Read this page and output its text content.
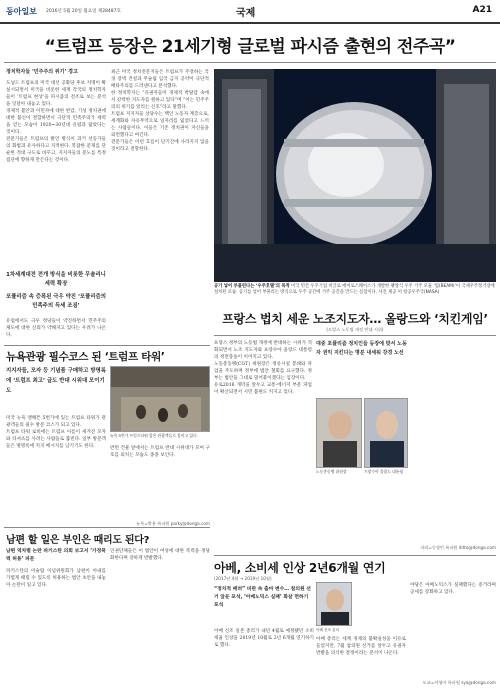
동아일보 2016년 5월 20일 월요일 제28487호	국제	A21
“트럼프 등장은 21세기형 글로벌 파시즘 출현의 전주곡”
정치학자들 ‘민주주의 위기’ 경고

도널드 트럼프의 미국 대선 공화당 후보 지명이 확실시되면서 미국을 비롯한 세계 각국의 정치학자들이 ‘트럼프 현상’을 파시즘의 전조로 보는 분석을 잇달아 내놓고 있다.

경제적 불안과 이민자에 대한 반감, 기성 정치권에 대한 불신이 결합하면서 극단적 민족주의가 세력을 얻는 모습이 1920~30년대 유럽과 닮았다는 것이다.

전문가들은 트럼프의 발언 방식이 과거 선동가들의 화법과 유사하다고 지적한다. 복잡한 문제를 단순한 적대 구도로 바꾸고, 지지자들의 분노를 특정 집단에 향하게 만든다는 것이다.

1차세계대전 전개 방식을 비롯한 무솔리니 세력 확장
포퓰리즘 속 증폭된 극우 약진 ‘포퓰리즘의 민족주의 득세 조짐’

유럽에서도 극우 정당들이 약진하면서 민주주의 제도에 대한 신뢰가 약해지고 있다는 우려가 나온다.

최근 미국 정치전문지들은 트럼프가 주장하는 국경 장벽 건설과 무슬림 입국 금지 공약이 극단적 배타주의를 드러낸다고 분석했다.

한 정치학자는 “유권자들이 경제적 박탈감 속에서 강력한 지도자를 원하고 있다”며 “이는 민주주의의 위기를 알리는 신호”라고 말했다.

트럼프 지지자들 상당수는 백인 노동자 계층으로, 세계화와 자유무역으로 일자리를 잃었다고 느끼는 사람들이다. 이들은 기존 정치권이 자신들을 외면했다고 여긴다.

전문가들은 이런 흐름이 단기간에 사라지지 않을 것이라고 전망한다.

공기 넣어 부풀린다는 ‘우주호텔’의 목적 미국 민간 우주기업 비글로 에어로스페이스가 개발한 팽창식 우주 거주 모듈 ‘빔(BEAM)’이 국제우주정거장에 설치된 모습. 공기를 넣어 부풀리는 방식으로 우주 공간에 거주 공간을 만드는 실험이다. 사진 제공 미 항공우주국(NASA)
프랑스 법치 세운 노조지도자… 올랑드와 ‘치킨게임’
(프랑스 노동법 개정 반대 시위)

프랑스 정부의 노동법 개정에 반대하는 시위가 격화되면서 노조 지도자와 프랑수아 올랑드 대통령의 정면충돌이 이어지고 있다.

노동총동맹(CGT) 위원장은 정유시설 봉쇄와 파업을 주도하며 정부에 법안 철회를 요구했다. 정부는 법안을 그대로 밀어붙이겠다는 입장이다.

유로2016 개막을 앞두고 교통·에너지 부문 파업이 확산되면서 시민 불편도 커지고 있다.

대중 포퓰리즘 정치인들 등장에 맞서 노동자 권익 지킨다는 명분 내세워 강경 노선
노동총동맹 위원장	프랑수아 올랑드 대통령
파리=동정민 특파원 ditto@donga.com
뉴욕관광 필수코스 된 ‘트럼프 타워’
지지자들, 모자 등 기념품 구매하고 방명록에 ‘트럼프 최고’ 글도 반대 시위대 모이기도
뉴욕 5번가 트럼프타워 앞은 관광객들로 붐비고 있다.

미국 뉴욕 맨해튼 5번가에 있는 트럼프 타워가 관광객들의 필수 방문 코스가 되고 있다.

트럼프 타워 로비에는 트럼프 이름이 새겨진 모자와 티셔츠를 사려는 사람들로 붐빈다. 일부 방문객들은 방명록에 지지 메시지를 남기기도 한다.	반면 건물 앞에서는 트럼프 반대 시위대가 모여 구호를 외치는 모습도 종종 보인다.

뉴욕=박용 특파원 parky@donga.com
남편 할 일은 부인은 때리도 된다?
남편 역차별 논란 파키스탄 의회 보고서 ‘가정폭력 허용’ 파문

파키스탄의 이슬람 이념위원회가 남편이 아내를 가볍게 때릴 수 있도록 허용하는 법안 초안을 내놓아 논란이 일고 있다.

인권단체들은 이 법안이 여성에 대한 폭력을 정당화한다며 강하게 반발했다.

아베, 소비세 인상 2년6개월 연기
(2017년 4월 → 2019년 10월)
“정치적 배려” 비판 속 출마 변수… 참의원 선거 앞둔 포석, ‘아베노믹스 실패’ 화살 면하기 포석
아베 신조 총리

아베 신조 일본 총리가 내년 4월로 예정됐던 소비세율 인상을 2019년 10월로 2년 6개월 연기하기로 했다.

아베 총리는 세계 경제의 불확실성을 이유로 들었지만, 7월 참의원 선거를 앞두고 유권자 반발을 의식한 결정이라는 분석이 나온다.

야당은 아베노믹스가 실패했다는 증거라며 공세를 강화하고 있다.

도쿄=서영아 특파원 sya@donga.com
